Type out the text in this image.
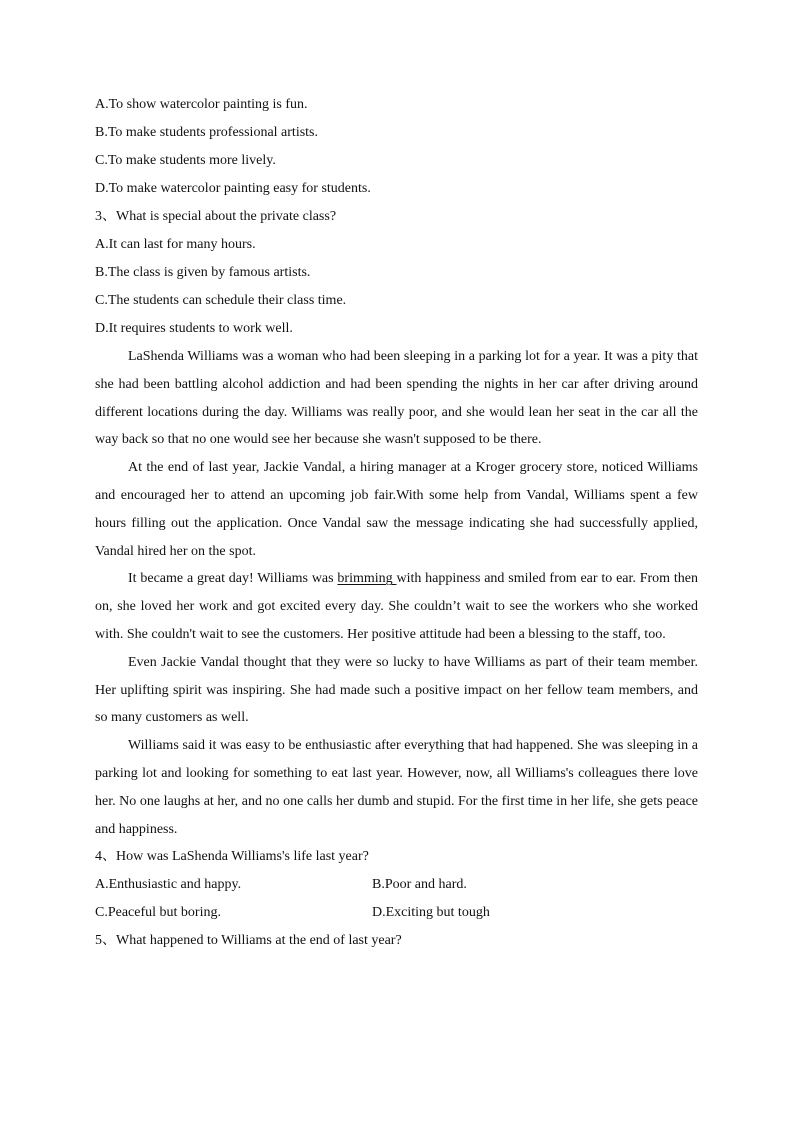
A.To show watercolor painting is fun.
B.To make students professional artists.
C.To make students more lively.
D.To make watercolor painting easy for students.
3、What is special about the private class?
A.It can last for many hours.
B.The class is given by famous artists.
C.The students can schedule their class time.
D.It requires students to work well.

LaShenda Williams was a woman who had been sleeping in a parking lot for a year. It was a pity that she had been battling alcohol addiction and had been spending the nights in her car after driving around different locations during the day. Williams was really poor, and she would lean her seat in the car all the way back so that no one would see her because she wasn't supposed to be there.

At the end of last year, Jackie Vandal, a hiring manager at a Kroger grocery store, noticed Williams and encouraged her to attend an upcoming job fair.With some help from Vandal, Williams spent a few hours filling out the application. Once Vandal saw the message indicating she had successfully applied, Vandal hired her on the spot.

It became a great day! Williams was brimming with happiness and smiled from ear to ear. From then on, she loved her work and got excited every day. She couldn’t wait to see the workers who she worked with. She couldn't wait to see the customers. Her positive attitude had been a blessing to the staff, too.

Even Jackie Vandal thought that they were so lucky to have Williams as part of their team member. Her uplifting spirit was inspiring. She had made such a positive impact on her fellow team members, and so many customers as well.

Williams said it was easy to be enthusiastic after everything that had happened. She was sleeping in a parking lot and looking for something to eat last year. However, now, all Williams's colleagues there love her. No one laughs at her, and no one calls her dumb and stupid. For the first time in her life, she gets peace and happiness.

4、How was LaShenda Williams's life last year?
A.Enthusiastic and happy.	B.Poor and hard.
C.Peaceful but boring.	D.Exciting but tough
5、What happened to Williams at the end of last year?
